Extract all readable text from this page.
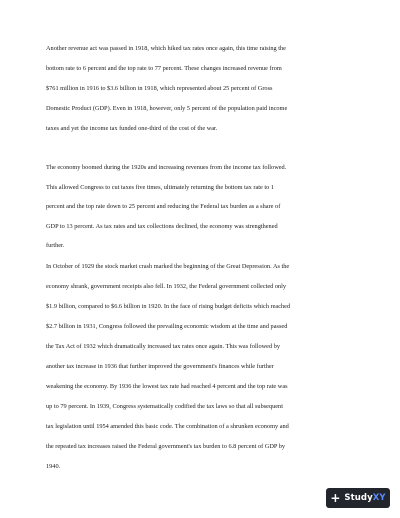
Another revenue act was passed in 1918, which hiked tax rates once again, this time raising the
bottom rate to 6 percent and the top rate to 77 percent. These changes increased revenue from
$761 million in 1916 to $3.6 billion in 1918, which represented about 25 percent of Gross
Domestic Product (GDP). Even in 1918, however, only 5 percent of the population paid income
taxes and yet the income tax funded one-third of the cost of the war.
The economy boomed during the 1920s and increasing revenues from the income tax followed.
This allowed Congress to cut taxes five times, ultimately returning the bottom tax rate to 1
percent and the top rate down to 25 percent and reducing the Federal tax burden as a share of
GDP to 13 percent. As tax rates and tax collections declined, the economy was strengthened
further.
In October of 1929 the stock market crash marked the beginning of the Great Depression. As the
economy shrank, government receipts also fell. In 1932, the Federal government collected only
$1.9 billion, compared to $6.6 billion in 1920. In the face of rising budget deficits which reached
$2.7 billion in 1931, Congress followed the prevailing economic wisdom at the time and passed
the Tax Act of 1932 which dramatically increased tax rates once again. This was followed by
another tax increase in 1936 that further improved the government's finances while further
weakening the economy. By 1936 the lowest tax rate had reached 4 percent and the top rate was
up to 79 percent. In 1939, Congress systematically codified the tax laws so that all subsequent
tax legislation until 1954 amended this basic code. The combination of a shrunken economy and
the repeated tax increases raised the Federal government's tax burden to 6.8 percent of GDP by
1940.
+ StudyXY
